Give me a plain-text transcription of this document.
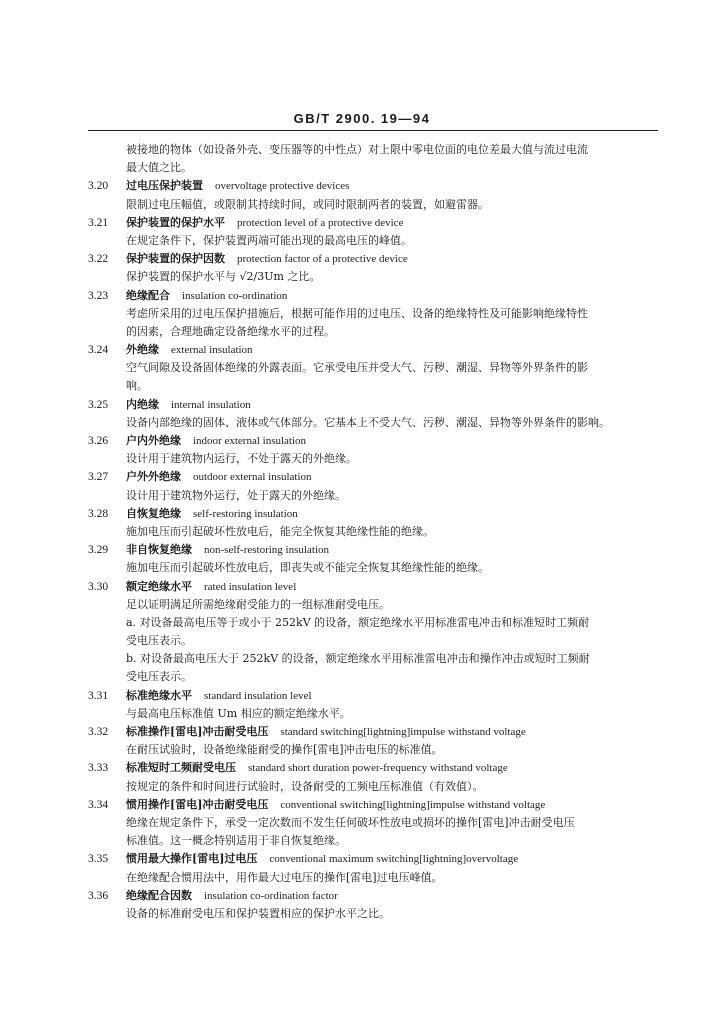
GB/T 2900. 19—94
被接地的物体（如设备外壳、变压器等的中性点）对上限中零电位面的电位差最大值与流过电流
最大值之比。
3.20 过电压保护装置 overvoltage protective devices
限制过电压幅值，或限制其持续时间，或同时限制两者的装置，如避雷器。
3.21 保护装置的保护水平 protection level of a protective device
在规定条件下，保护装置两端可能出现的最高电压的峰值。
3.22 保护装置的保护因数 protection factor of a protective device
保护装置的保护水平与 √2/3Um 之比。
3.23 绝缘配合 insulation co-ordination
考虑所采用的过电压保护措施后，根据可能作用的过电压、设备的绝缘特性及可能影响绝缘特性
的因素，合理地确定设备绝缘水平的过程。
3.24 外绝缘 external insulation
空气间隙及设备固体绝缘的外露表面。它承受电压并受大气、污秽、潮湿、异物等外界条件的影
响。
3.25 内绝缘 internal insulation
设备内部绝缘的固体、液体或气体部分。它基本上不受大气、污秽、潮湿、异物等外界条件的影响。
3.26 户内外绝缘 indoor external insulation
设计用于建筑物内运行，不处于露天的外绝缘。
3.27 户外外绝缘 outdoor external insulation
设计用于建筑物外运行，处于露天的外绝缘。
3.28 自恢复绝缘 self-restoring insulation
施加电压而引起破坏性放电后，能完全恢复其绝缘性能的绝缘。
3.29 非自恢复绝缘 non-self-restoring insulation
施加电压而引起破坏性放电后，即丧失或不能完全恢复其绝缘性能的绝缘。
3.30 额定绝缘水平 rated insulation level
足以证明满足所需绝缘耐受能力的一组标准耐受电压。
a. 对设备最高电压等于或小于 252kV 的设备，额定绝缘水平用标准雷电冲击和标准短时工频耐
受电压表示。
b. 对设备最高电压大于 252kV 的设备，额定绝缘水平用标准雷电冲击和操作冲击或短时工频耐
受电压表示。
3.31 标准绝缘水平 standard insulation level
与最高电压标准值 Um 相应的额定绝缘水平。
3.32 标准操作[雷电]冲击耐受电压 standard switching[lightning]impulse withstand voltage
在耐压试验时，设备绝缘能耐受的操作[雷电]冲击电压的标准值。
3.33 标准短时工频耐受电压 standard short duration power-frequency withstand voltage
按规定的条件和时间进行试验时，设备耐受的工频电压标准值（有效值）。
3.34 惯用操作[雷电]冲击耐受电压 conventional switching[lightning]impulse withstand voltage
绝缘在规定条件下，承受一定次数而不发生任何破坏性放电或损坏的操作[雷电]冲击耐受电压
标准值。这一概念特别适用于非自恢复绝缘。
3.35 惯用最大操作[雷电]过电压 conventional maximum switching[lightning]overvoltage
在绝缘配合惯用法中，用作最大过电压的操作[雷电]过电压峰值。
3.36 绝缘配合因数 insulation co-ordination factor
设备的标准耐受电压和保护装置相应的保护水平之比。
